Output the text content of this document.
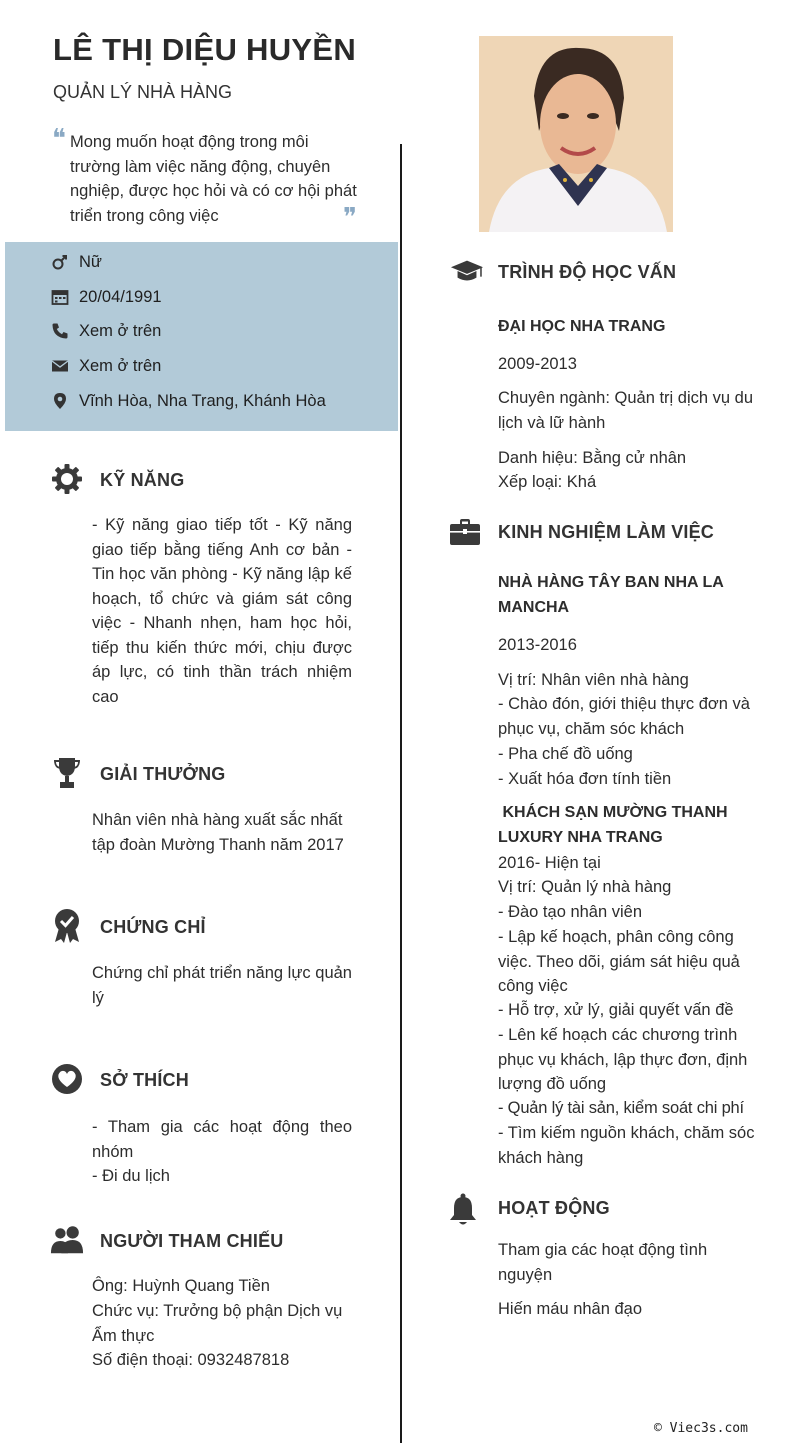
LÊ THỊ DIỆU HUYỀN
QUẢN LÝ NHÀ HÀNG
❝ Mong muốn hoạt động trong môi trường làm việc năng động, chuyên nghiệp, được học hỏi và có cơ hội phát triển trong công việc	❞
Nữ
20/04/1991
Xem ở trên
Xem ở trên
Vĩnh Hòa, Nha Trang, Khánh Hòa
KỸ NĂNG
- Kỹ năng giao tiếp tốt - Kỹ năng giao tiếp bằng tiếng Anh cơ bản - Tin học văn phòng - Kỹ năng lập kế hoạch, tổ chức và giám sát công việc - Nhanh nhẹn, ham học hỏi, tiếp thu kiến thức mới, chịu được áp lực, có tinh thần trách nhiệm cao
GIẢI THƯỞNG
Nhân viên nhà hàng xuất sắc nhất tập đoàn Mường Thanh năm 2017
CHỨNG CHỈ
Chứng chỉ phát triển năng lực quản lý
SỞ THÍCH
- Tham gia các hoạt động theo nhóm
- Đi du lịch
NGƯỜI THAM CHIẾU
Ông: Huỳnh Quang Tiền
Chức vụ: Trưởng bộ phận Dịch vụ Ẩm thực
Số điện thoại: 0932487818
TRÌNH ĐỘ HỌC VẤN
ĐẠI HỌC NHA TRANG
2009-2013
Chuyên ngành: Quản trị dịch vụ du lịch và lữ hành
Danh hiệu: Bằng cử nhân
Xếp loại: Khá
KINH NGHIỆM LÀM VIỆC
NHÀ HÀNG TÂY BAN NHA LA MANCHA
2013-2016
Vị trí: Nhân viên nhà hàng
- Chào đón, giới thiệu thực đơn và phục vụ, chăm sóc khách
- Pha chế đồ uống
- Xuất hóa đơn tính tiền
KHÁCH SẠN MƯỜNG THANH LUXURY NHA TRANG
2016- Hiện tại
Vị trí: Quản lý nhà hàng
- Đào tạo nhân viên
- Lập kế hoạch, phân công công việc. Theo dõi, giám sát hiệu quả công việc
- Hỗ trợ, xử lý, giải quyết vấn đề
- Lên kế hoạch các chương trình phục vụ khách, lập thực đơn, định lượng đồ uống
- Quản lý tài sản, kiểm soát chi phí
- Tìm kiếm nguồn khách, chăm sóc khách hàng
HOẠT ĐỘNG
Tham gia các hoạt động tình nguyện
Hiến máu nhân đạo
© Viec3s.com
